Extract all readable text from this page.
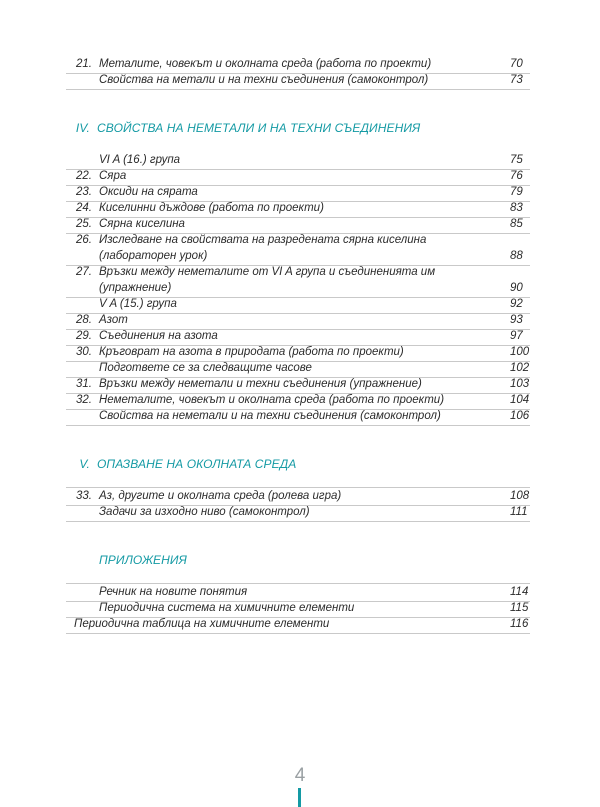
21. Металите, човекът и околната среда (работа по проекти)	70
Свойства на метали и на техни съединения (самоконтрол)	73
IV. СВОЙСТВА НА НЕМЕТАЛИ И НА ТЕХНИ СЪЕДИНЕНИЯ
VI A (16.) група	75
22. Сяра	76
23. Оксиди на сярата	79
24. Киселинни дъждове (работа по проекти)	83
25. Сярна киселина	85
26. Изследване на свойствата на разредената сярна киселина
(лабораторен урок)	88
27. Връзки между неметалите от VI A група и съединенията им
(упражнение)	90
V A (15.) група	92
28. Азот	93
29. Съединения на азота	97
30. Кръговрат на азота в природата (работа по проекти)	100
Подгответе се за следващите часове	102
31. Връзки между неметали и техни съединения (упражнение)	103
32. Неметалите, човекът и околната среда (работа по проекти)	104
Свойства на неметали и на техни съединения (самоконтрол)	106
V. ОПАЗВАНЕ НА ОКОЛНАТА СРЕДА
33. Аз, другите и околната среда (ролева игра)	108
Задачи за изходно ниво (самоконтрол)	111
ПРИЛОЖЕНИЯ
Речник на новите понятия	114
Периодична система на химичните елементи	115
Периодична таблица на химичните елементи	116
4
